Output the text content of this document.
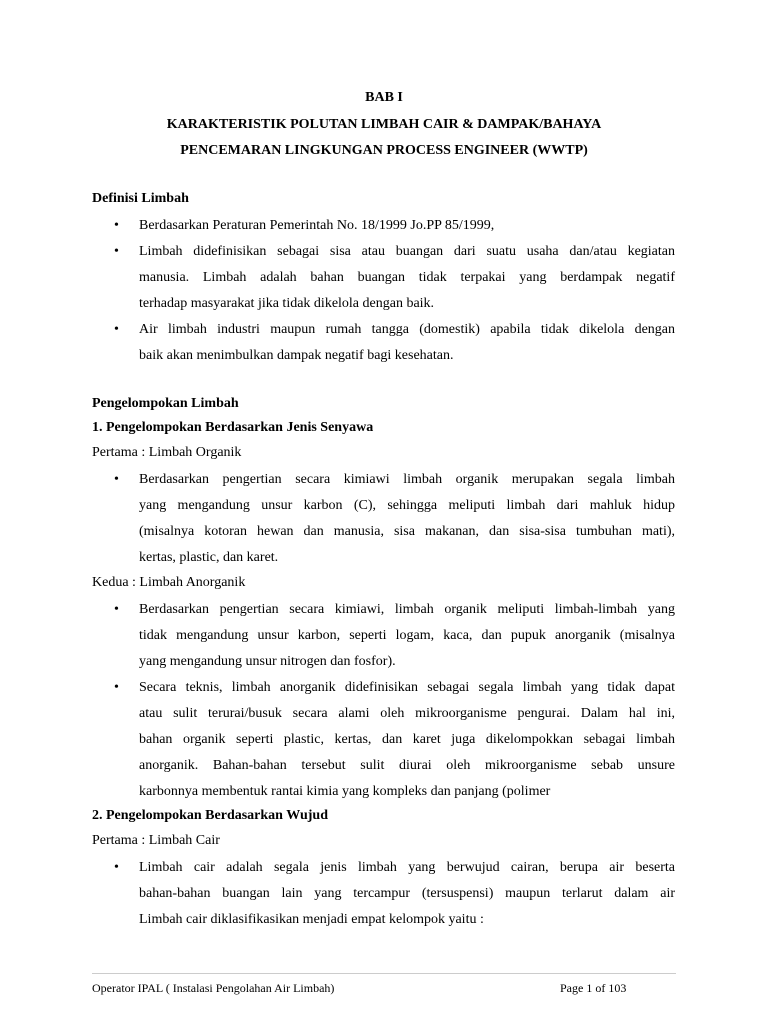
BAB I
KARAKTERISTIK POLUTAN LIMBAH CAIR & DAMPAK/BAHAYA
PENCEMARAN LINGKUNGAN PROCESS ENGINEER (WWTP)
Definisi Limbah
• Berdasarkan Peraturan Pemerintah No. 18/1999 Jo.PP 85/1999,
• Limbah didefinisikan sebagai sisa atau buangan dari suatu usaha dan/atau kegiatan
manusia. Limbah adalah bahan buangan tidak terpakai yang berdampak negatif
terhadap masyarakat jika tidak dikelola dengan baik.
• Air limbah industri maupun rumah tangga (domestik) apabila tidak dikelola dengan
baik akan menimbulkan dampak negatif bagi kesehatan.
Pengelompokan Limbah
1. Pengelompokan Berdasarkan Jenis Senyawa
Pertama : Limbah Organik
• Berdasarkan pengertian secara kimiawi limbah organik merupakan segala limbah
yang mengandung unsur karbon (C), sehingga meliputi limbah dari mahluk hidup
(misalnya kotoran hewan dan manusia, sisa makanan, dan sisa-sisa tumbuhan mati),
kertas, plastic, dan karet.
Kedua : Limbah Anorganik
• Berdasarkan pengertian secara kimiawi, limbah organik meliputi limbah-limbah yang
tidak mengandung unsur karbon, seperti logam, kaca, dan pupuk anorganik (misalnya
yang mengandung unsur nitrogen dan fosfor).
• Secara teknis, limbah anorganik didefinisikan sebagai segala limbah yang tidak dapat
atau sulit terurai/busuk secara alami oleh mikroorganisme pengurai. Dalam hal ini,
bahan organik seperti plastic, kertas, dan karet juga dikelompokkan sebagai limbah
anorganik. Bahan-bahan tersebut sulit diurai oleh mikroorganisme sebab unsure
karbonnya membentuk rantai kimia yang kompleks dan panjang (polimer
2. Pengelompokan Berdasarkan Wujud
Pertama : Limbah Cair
• Limbah cair adalah segala jenis limbah yang berwujud cairan, berupa air beserta
bahan-bahan buangan lain yang tercampur (tersuspensi) maupun terlarut dalam air
Limbah cair diklasifikasikan menjadi empat kelompok yaitu :
Operator IPAL ( Instalasi Pengolahan Air Limbah)	Page 1 of 103
